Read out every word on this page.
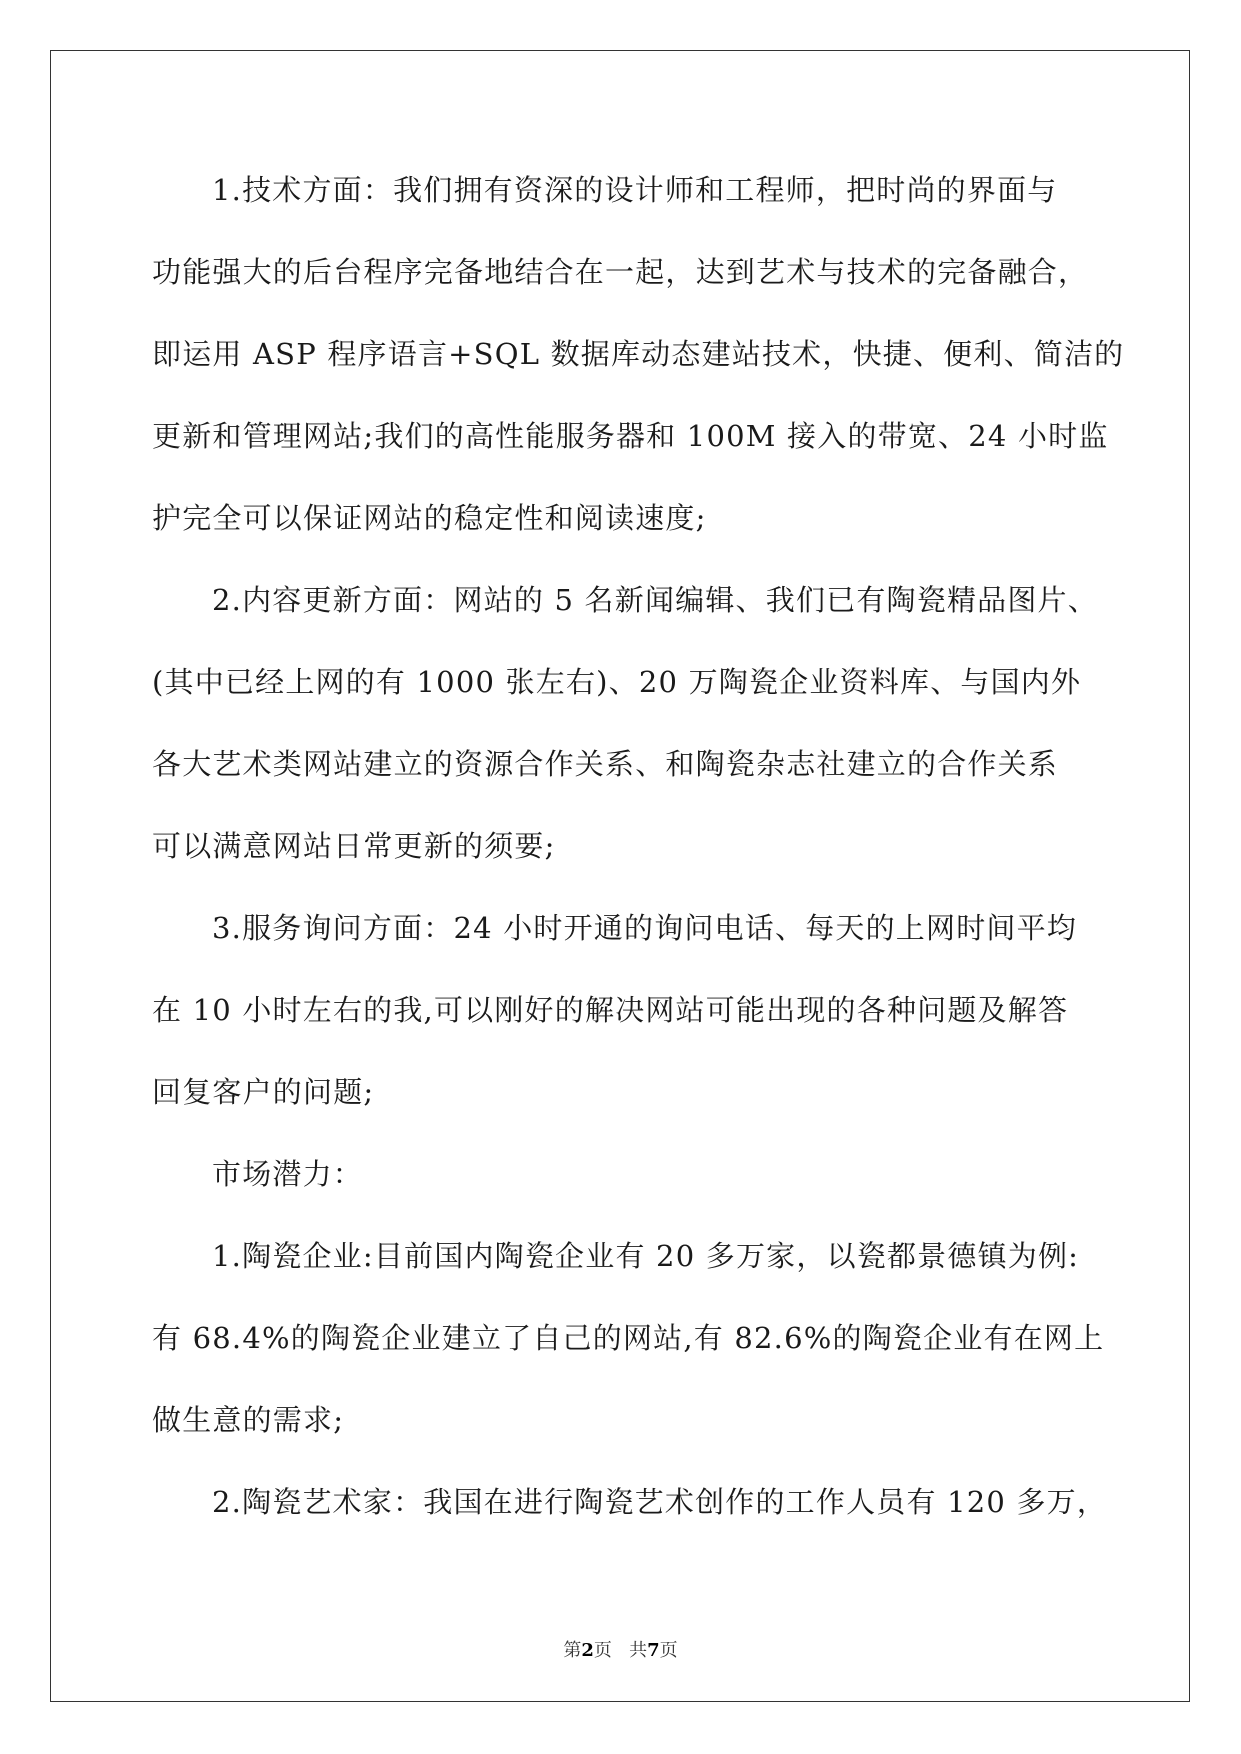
1.技术方面：我们拥有资深的设计师和工程师，把时尚的界面与
功能强大的后台程序完备地结合在一起，达到艺术与技术的完备融合，
即运用 ASP 程序语言+SQL 数据库动态建站技术，快捷、便利、简洁的
更新和管理网站;我们的高性能服务器和 100M 接入的带宽、24 小时监
护完全可以保证网站的稳定性和阅读速度;
2.内容更新方面：网站的 5 名新闻编辑、我们已有陶瓷精品图片、
(其中已经上网的有 1000 张左右)、20 万陶瓷企业资料库、与国内外
各大艺术类网站建立的资源合作关系、和陶瓷杂志社建立的合作关系
可以满意网站日常更新的须要;
3.服务询问方面：24 小时开通的询问电话、每天的上网时间平均
在 10 小时左右的我,可以刚好的解决网站可能出现的各种问题及解答
回复客户的问题;
市场潜力：
1.陶瓷企业:目前国内陶瓷企业有 20 多万家，以瓷都景德镇为例:
有 68.4%的陶瓷企业建立了自己的网站,有 82.6%的陶瓷企业有在网上
做生意的需求;
2.陶瓷艺术家：我国在进行陶瓷艺术创作的工作人员有 120 多万，
第2页 共7页
